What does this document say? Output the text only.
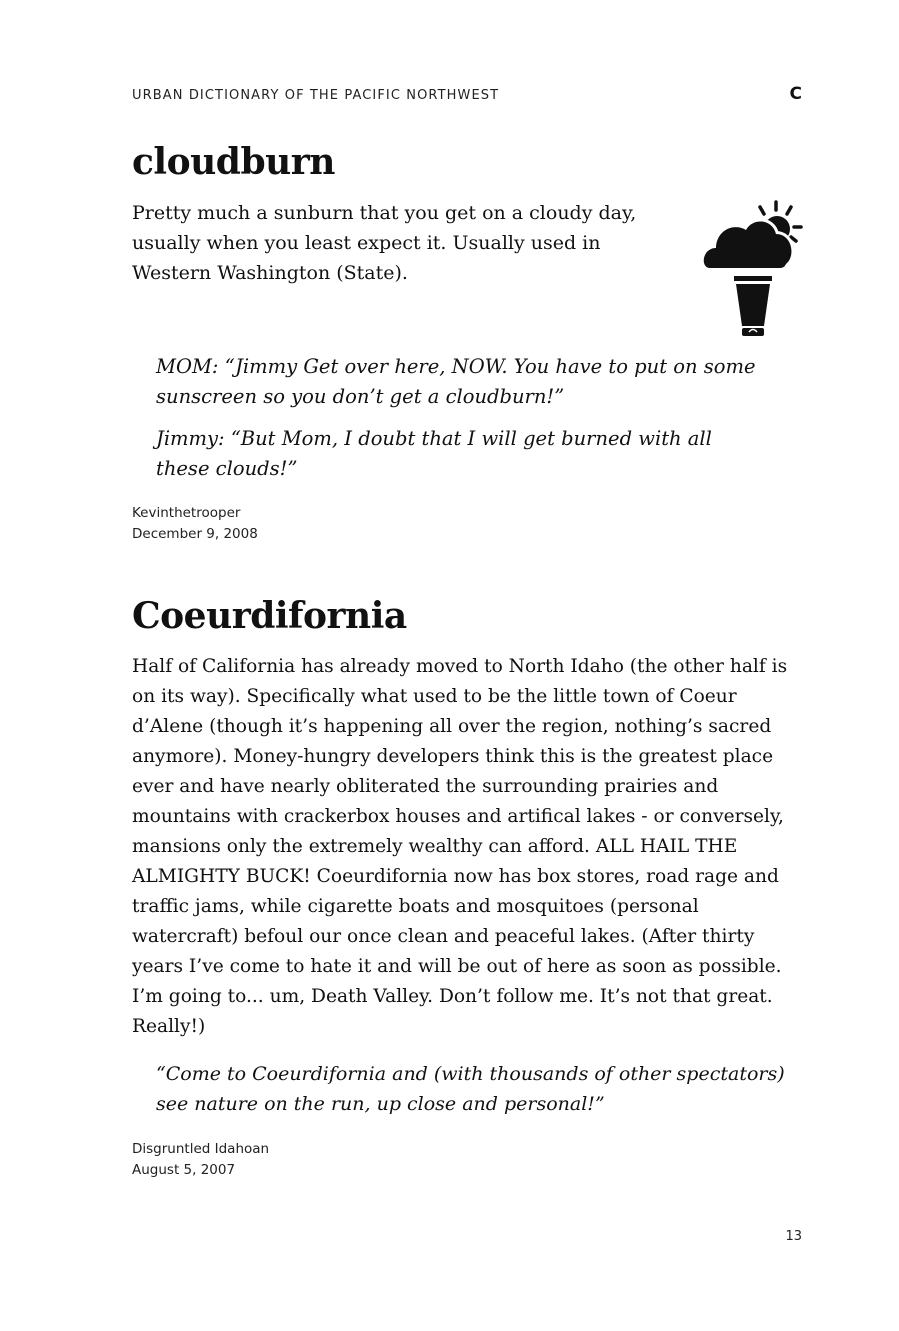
URBAN DICTIONARY OF THE PACIFIC NORTHWEST	C
cloudburn

Pretty much a sunburn that you get on a cloudy day, usually when you least expect it. Usually used in Western Washington (State).

MOM: “Jimmy Get over here, NOW. You have to put on some sunscreen so you don’t get a cloudburn!”

Jimmy: “But Mom, I doubt that I will get burned with all these clouds!”

Kevinthetrooper
December 9, 2008
Coeurdifornia

Half of California has already moved to North Idaho (the other half is on its way). Specifically what used to be the little town of Coeur d’Alene (though it’s happening all over the region, nothing’s sacred anymore). Money-hungry developers think this is the greatest place ever and have nearly obliterated the surrounding prairies and mountains with crackerbox houses and artifical lakes - or conversely, mansions only the extremely wealthy can afford. ALL HAIL THE ALMIGHTY BUCK! Coeurdifornia now has box stores, road rage and traffic jams, while cigarette boats and mosquitoes (personal watercraft) befoul our once clean and peaceful lakes. (After thirty years I’ve come to hate it and will be out of here as soon as possible. I’m going to... um, Death Valley. Don’t follow me. It’s not that great. Really!)

“Come to Coeurdifornia and (with thousands of other spectators) see nature on the run, up close and personal!”

Disgruntled Idahoan
August 5, 2007
13
